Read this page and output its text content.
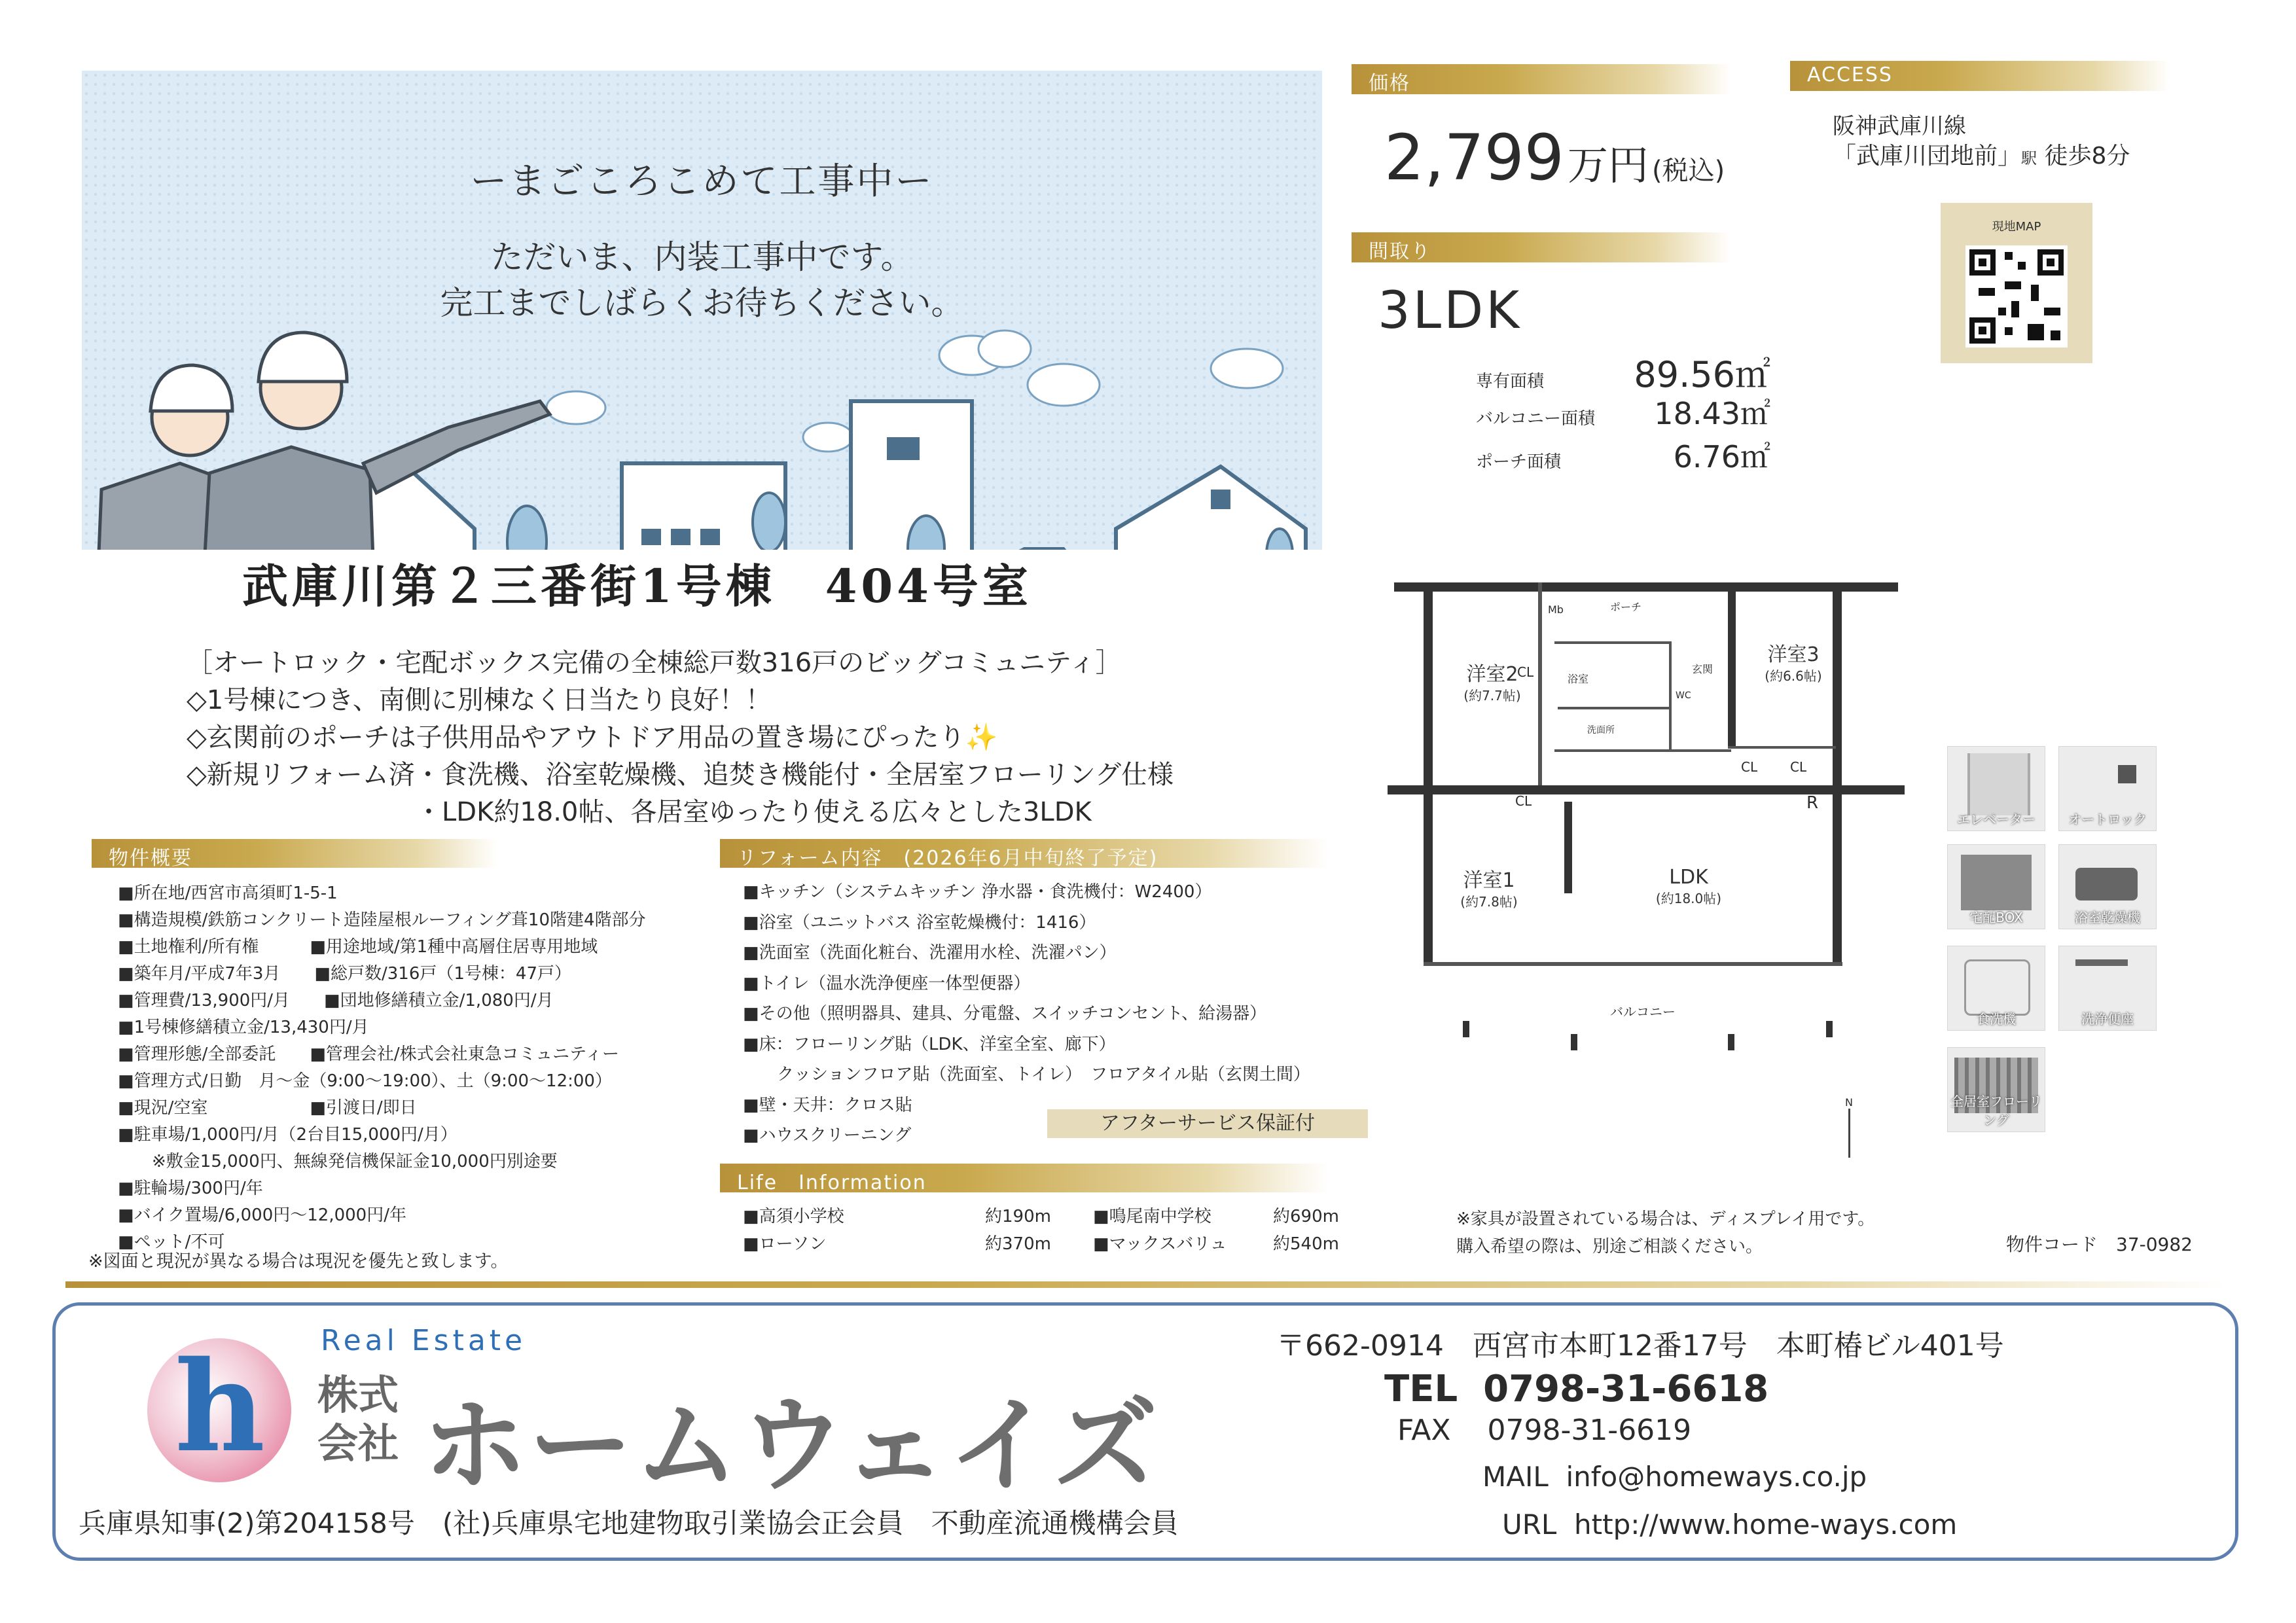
ーまごころこめて工事中ー
ただいま、内装工事中です。
完工までしばらくお待ちください。
武庫川第２三番街1号棟　404号室
［オートロック・宅配ボックス完備の全棟総戸数316戸のビッグコミュニティ］
◇1号棟につき、南側に別棟なく日当たり良好！！
◇玄関前のポーチは子供用品やアウトドア用品の置き場にぴったり✨
◇新規リフォーム済・食洗機、浴室乾燥機、追焚き機能付・全居室フローリング仕様
・LDK約18.0帖、各居室ゆったり使える広々とした3LDK
価格
2,799 万円 (税込)
間取り
3LDK
専有面積	89.56㎡
バルコニー面積 18.43㎡
ポーチ面積	6.76㎡
ACCESS
阪神武庫川線
「武庫川団地前」駅 徒歩8分
現地MAP
洋室2
(約7.7帖)
洋室3
(約6.6帖)
洋室1
(約7.8帖)
LDK
(約18.0帖)
バルコニー
Mb	ポーチ
浴室
洗面所
玄関
WC
CL
CL CL
CL	R
N
エレベーター	オートロック
宅配BOX	浴室乾燥機
食洗機	洗浄便座
全居室フローリング
物件概要
■所在地/西宮市高須町1-5-1
■構造規模/鉄筋コンクリート造陸屋根ルーフィング葺10階建4階部分
■土地権利/所有権　　　■用途地域/第1種中高層住居専用地域
■築年月/平成7年3月　　■総戸数/316戸（1号棟：47戸）
■管理費/13,900円/月　　■団地修繕積立金/1,080円/月
■1号棟修繕積立金/13,430円/月
■管理形態/全部委託　　■管理会社/株式会社東急コミュニティー
■管理方式/日勤　月～金（9:00～19:00）、土（9:00～12:00）
■現況/空室　　　　　　■引渡日/即日
■駐車場/1,000円/月（2台目15,000円/月）
　　※敷金15,000円、無線発信機保証金10,000円別途要
■駐輪場/300円/年
■バイク置場/6,000円～12,000円/年
■ペット/不可
※図面と現況が異なる場合は現況を優先と致します。
リフォーム内容　(2026年6月中旬終了予定)
■キッチン（システムキッチン 浄水器・食洗機付：W2400）
■浴室（ユニットバス 浴室乾燥機付：1416）
■洗面室（洗面化粧台、洗濯用水栓、洗濯パン）
■トイレ（温水洗浄便座一体型便器）
■その他（照明器具、建具、分電盤、スイッチコンセント、給湯器）
■床：フローリング貼（LDK、洋室全室、廊下）
　　クッションフロア貼（洗面室、トイレ）　フロアタイル貼（玄関土間）
■壁・天井：クロス貼
■ハウスクリーニング
アフターサービス保証付
Life　Information
■高須小学校	約190m	■鳴尾南中学校	約690m
■ローソン	約370m	■マックスバリュ	約540m
※家具が設置されている場合は、ディスプレイ用です。
購入希望の際は、別途ご相談ください。	物件コード　37-0982
h Real Estate
株式
会社 ホームウェイズ
兵庫県知事(2)第204158号　(社)兵庫県宅地建物取引業協会正会員　不動産流通機構会員
〒662-0914　西宮市本町12番17号　本町椿ビル401号
TEL 0798-31-6618
FAX 0798-31-6619
MAIL info@homeways.co.jp
URL http://www.home-ways.com
